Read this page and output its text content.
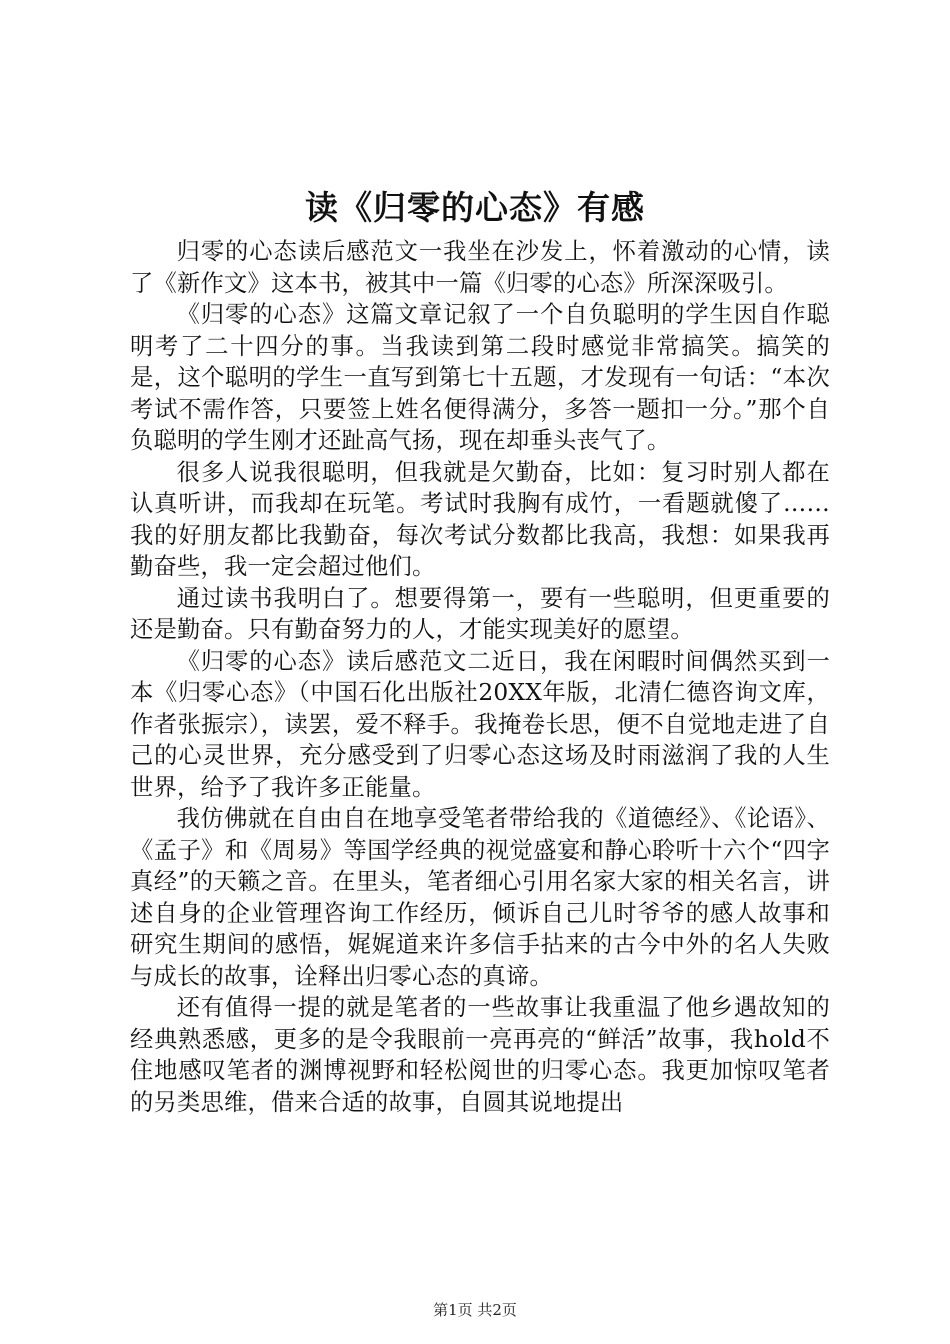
读《归零的心态》有感

归零的心态读后感范文一我坐在沙发上，怀着激动的心情，读了《新作文》这本书，被其中一篇《归零的心态》所深深吸引。

《归零的心态》这篇文章记叙了一个自负聪明的学生因自作聪明考了二十四分的事。当我读到第二段时感觉非常搞笑。搞笑的是，这个聪明的学生一直写到第七十五题，才发现有一句话：“本次考试不需作答，只要签上姓名便得满分，多答一题扣一分。”那个自负聪明的学生刚才还趾高气扬，现在却垂头丧气了。

很多人说我很聪明，但我就是欠勤奋，比如：复习时别人都在认真听讲，而我却在玩笔。考试时我胸有成竹，一看题就傻了……我的好朋友都比我勤奋，每次考试分数都比我高，我想：如果我再勤奋些，我一定会超过他们。

通过读书我明白了。想要得第一，要有一些聪明，但更重要的还是勤奋。只有勤奋努力的人，才能实现美好的愿望。

《归零的心态》读后感范文二近日，我在闲暇时间偶然买到一本《归零心态》（中国石化出版社20XX年版，北清仁德咨询文库，作者张振宗），读罢，爱不释手。我掩卷长思，便不自觉地走进了自己的心灵世界，充分感受到了归零心态这场及时雨滋润了我的人生世界，给予了我许多正能量。

我仿佛就在自由自在地享受笔者带给我的《道德经》、《论语》、《孟子》和《周易》等国学经典的视觉盛宴和静心聆听十六个“四字真经”的天籁之音。在里头，笔者细心引用名家大家的相关名言，讲述自身的企业管理咨询工作经历，倾诉自己儿时爷爷的感人故事和研究生期间的感悟，娓娓道来许多信手拈来的古今中外的名人失败与成长的故事，诠释出归零心态的真谛。

还有值得一提的就是笔者的一些故事让我重温了他乡遇故知的经典熟悉感，更多的是令我眼前一亮再亮的“鲜活”故事，我hold不住地感叹笔者的渊博视野和轻松阅世的归零心态。我更加惊叹笔者的另类思维，借来合适的故事，自圆其说地提出

第1页 共2页
